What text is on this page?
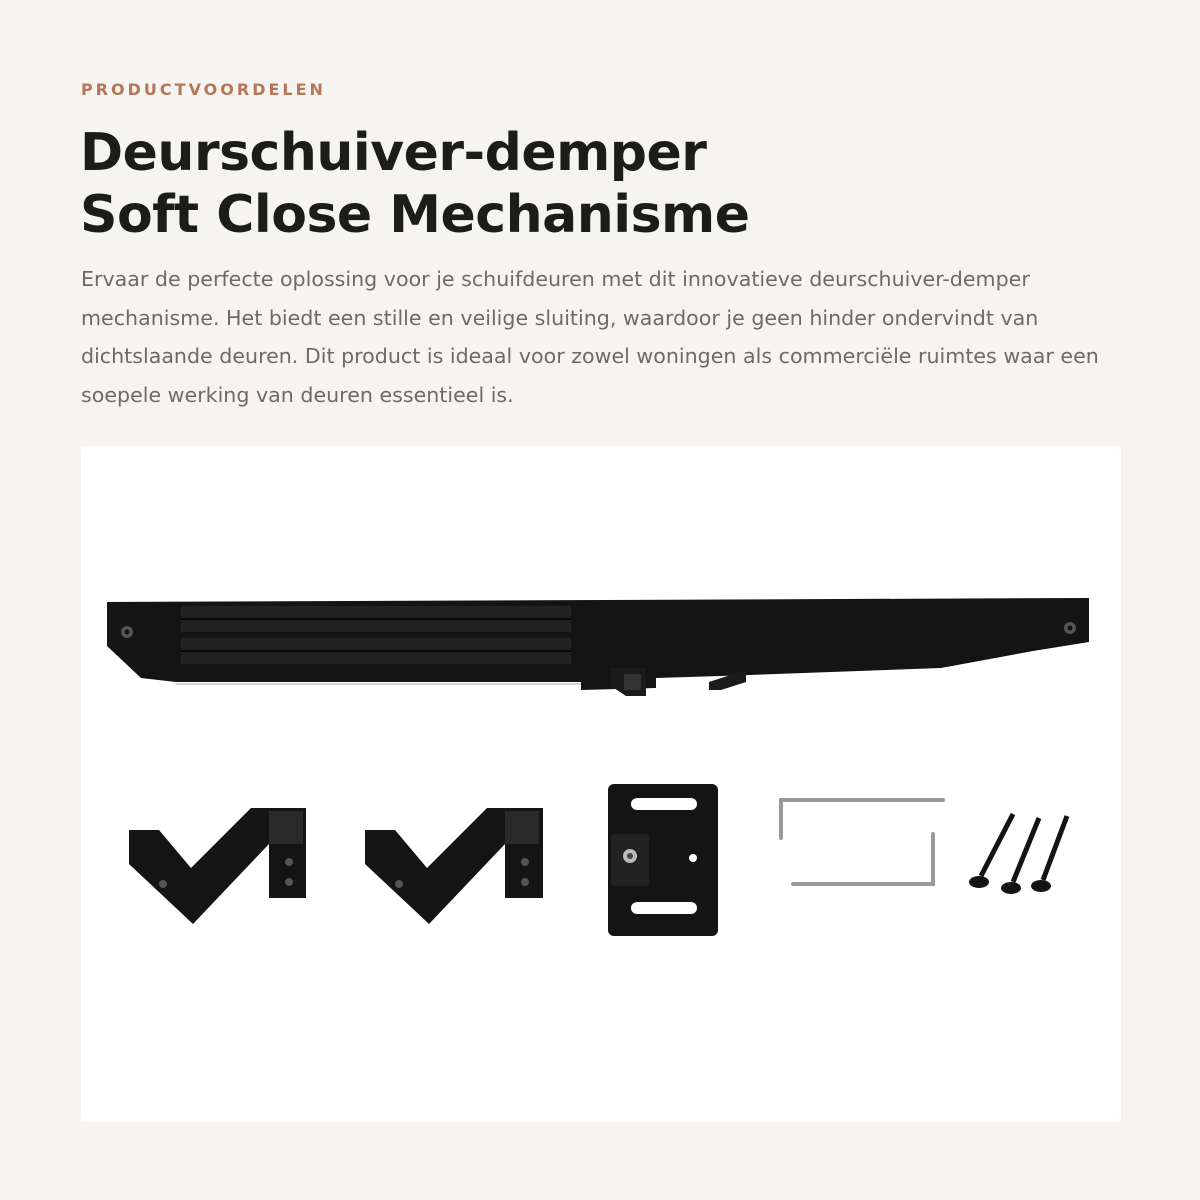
PRODUCTVOORDELEN
Deurschuiver-demper
Soft Close Mechanisme

Ervaar de perfecte oplossing voor je schuifdeuren met dit innovatieve deurschuiver-demper mechanisme. Het biedt een stille en veilige sluiting, waardoor je geen hinder ondervindt van dichtslaande deuren. Dit product is ideaal voor zowel woningen als commerciële ruimtes waar een soepele werking van deuren essentieel is.
